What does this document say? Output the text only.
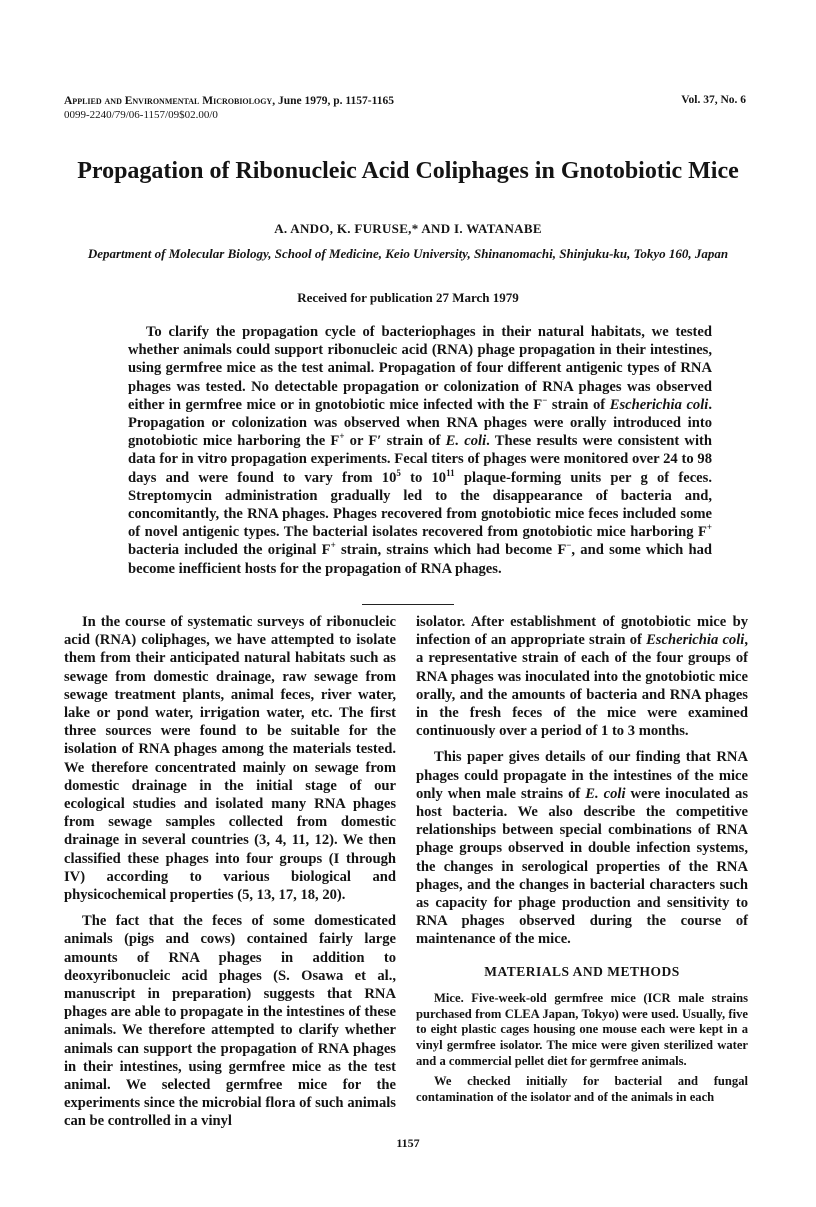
Applied and Environmental Microbiology, June 1979, p. 1157-1165
0099-2240/79/06-1157/09$02.00/0
Vol. 37, No. 6
Propagation of Ribonucleic Acid Coliphages in Gnotobiotic Mice
A. ANDO, K. FURUSE,* AND I. WATANABE
Department of Molecular Biology, School of Medicine, Keio University, Shinanomachi, Shinjuku-ku, Tokyo 160, Japan
Received for publication 27 March 1979
To clarify the propagation cycle of bacteriophages in their natural habitats, we tested whether animals could support ribonucleic acid (RNA) phage propagation in their intestines, using germfree mice as the test animal. Propagation of four different antigenic types of RNA phages was tested. No detectable propagation or colonization of RNA phages was observed either in germfree mice or in gnotobiotic mice infected with the F− strain of Escherichia coli. Propagation or colonization was observed when RNA phages were orally introduced into gnotobiotic mice harboring the F+ or F′ strain of E. coli. These results were consistent with data for in vitro propagation experiments. Fecal titers of phages were monitored over 24 to 98 days and were found to vary from $10^5$ to $10^{11}$ plaque-forming units per g of feces. Streptomycin administration gradually led to the disappearance of bacteria and, concomitantly, the RNA phages. Phages recovered from gnotobiotic mice feces included some of novel antigenic types. The bacterial isolates recovered from gnotobiotic mice harboring F+ bacteria included the original F+ strain, strains which had become F−, and some which had become inefficient hosts for the propagation of RNA phages.

In the course of systematic surveys of ribonucleic acid (RNA) coliphages, we have attempted to isolate them from their anticipated natural habitats such as sewage from domestic drainage, raw sewage from sewage treatment plants, animal feces, river water, lake or pond water, irrigation water, etc. The first three sources were found to be suitable for the isolation of RNA phages among the materials tested. We therefore concentrated mainly on sewage from domestic drainage in the initial stage of our ecological studies and isolated many RNA phages from sewage samples collected from domestic drainage in several countries (3, 4, 11, 12). We then classified these phages into four groups (I through IV) according to various biological and physicochemical properties (5, 13, 17, 18, 20).

The fact that the feces of some domesticated animals (pigs and cows) contained fairly large amounts of RNA phages in addition to deoxyribonucleic acid phages (S. Osawa et al., manuscript in preparation) suggests that RNA phages are able to propagate in the intestines of these animals. We therefore attempted to clarify whether animals can support the propagation of RNA phages in their intestines, using germfree mice as the test animal. We selected germfree mice for the experiments since the microbial flora of such animals can be controlled in a vinyl

isolator. After establishment of gnotobiotic mice by infection of an appropriate strain of Escherichia coli, a representative strain of each of the four groups of RNA phages was inoculated into the gnotobiotic mice orally, and the amounts of bacteria and RNA phages in the fresh feces of the mice were examined continuously over a period of 1 to 3 months.

This paper gives details of our finding that RNA phages could propagate in the intestines of the mice only when male strains of E. coli were inoculated as host bacteria. We also describe the competitive relationships between special combinations of RNA phage groups observed in double infection systems, the changes in serological properties of the RNA phages, and the changes in bacterial characters such as capacity for phage production and sensitivity to RNA phages observed during the course of maintenance of the mice.

MATERIALS AND METHODS

Mice. Five-week-old germfree mice (ICR male strains purchased from CLEA Japan, Tokyo) were used. Usually, five to eight plastic cages housing one mouse each were kept in a vinyl germfree isolator. The mice were given sterilized water and a commercial pellet diet for germfree animals.

We checked initially for bacterial and fungal contamination of the isolator and of the animals in each

1157
